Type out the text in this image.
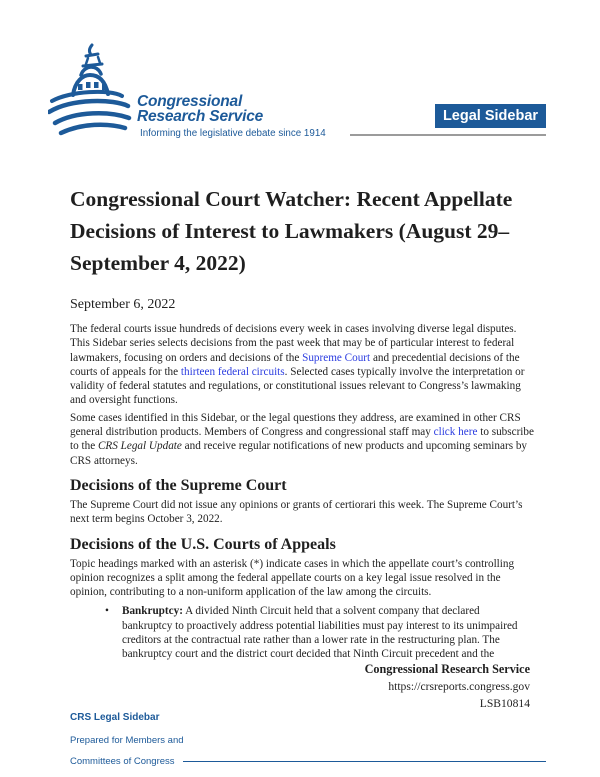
Congressional
Research Service
Informing the legislative debate since 1914
Legal Sidebar
Congressional Court Watcher: Recent Appellate Decisions of Interest to Lawmakers (August 29–September 4, 2022)
September 6, 2022

The federal courts issue hundreds of decisions every week in cases involving diverse legal disputes. This Sidebar series selects decisions from the past week that may be of particular interest to federal lawmakers, focusing on orders and decisions of the Supreme Court and precedential decisions of the courts of appeals for the thirteen federal circuits. Selected cases typically involve the interpretation or validity of federal statutes and regulations, or constitutional issues relevant to Congress’s lawmaking and oversight functions.

Some cases identified in this Sidebar, or the legal questions they address, are examined in other CRS general distribution products. Members of Congress and congressional staff may click here to subscribe to the CRS Legal Update and receive regular notifications of new products and upcoming seminars by CRS attorneys.

Decisions of the Supreme Court

The Supreme Court did not issue any opinions or grants of certiorari this week. The Supreme Court’s next term begins October 3, 2022.

Decisions of the U.S. Courts of Appeals

Topic headings marked with an asterisk (*) indicate cases in which the appellate court’s controlling opinion recognizes a split among the federal appellate courts on a key legal issue resolved in the opinion, contributing to a non-uniform application of the law among the circuits.

• Bankruptcy: A divided Ninth Circuit held that a solvent company that declared bankruptcy to proactively address potential liabilities must pay interest to its unimpaired creditors at the contractual rate rather than a lower rate in the restructuring plan. The bankruptcy court and the district court decided that Ninth Circuit precedent and the
Congressional Research Service
https://crsreports.congress.gov
LSB10814
CRS Legal Sidebar
Prepared for Members and
Committees of Congress
